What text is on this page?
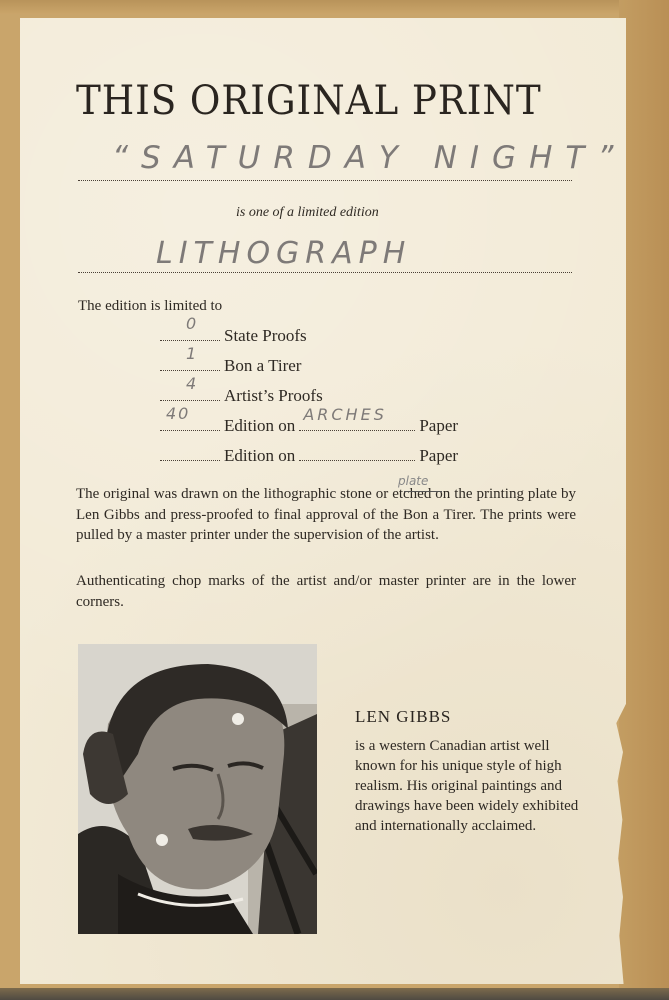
THIS ORIGINAL PRINT
“SATURDAY NIGHT”
is one of a limited edition
LITHOGRAPH
The edition is limited to
0
State Proofs
1
Bon a Tirer
4
Artist’s Proofs
40
Edition on
ARCHES
Paper
Edition on	Paper
plate
The original was drawn on the lithographic stone or etched on the printing plate by Len Gibbs and press-proofed to final approval of the Bon a Tirer. The prints were pulled by a master printer under the supervision of the artist.
Authenticating chop marks of the artist and/or master printer are in the lower corners.
LEN GIBBS
is a western Canadian artist well known for his unique style of high realism. His original paintings and drawings have been widely exhibited and internationally acclaimed.
